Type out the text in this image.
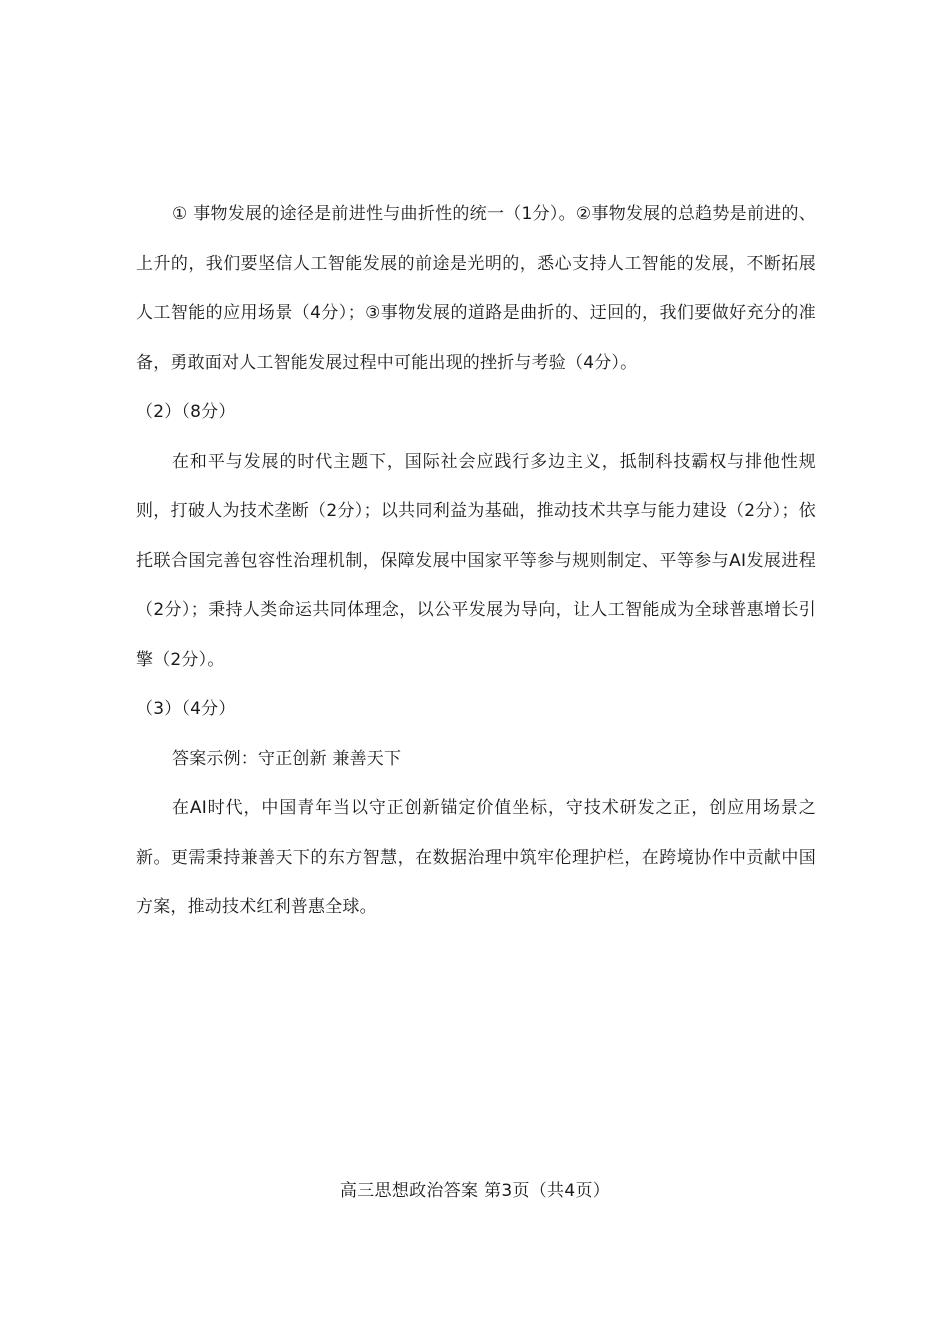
① 事物发展的途径是前进性与曲折性的统一（1分）。②事物发展的总趋势是前进的、上升的，我们要坚信人工智能发展的前途是光明的，悉心支持人工智能的发展，不断拓展人工智能的应用场景（4分）；③事物发展的道路是曲折的、迂回的，我们要做好充分的准备，勇敢面对人工智能发展过程中可能出现的挫折与考验（4分）。

（2）（8分）

在和平与发展的时代主题下，国际社会应践行多边主义，抵制科技霸权与排他性规则，打破人为技术垄断（2分）；以共同利益为基础，推动技术共享与能力建设（2分）；依托联合国完善包容性治理机制，保障发展中国家平等参与规则制定、平等参与AI发展进程（2分）；秉持人类命运共同体理念，以公平发展为导向，让人工智能成为全球普惠增长引擎（2分）。

（3）（4分）

答案示例：守正创新 兼善天下

在AI时代，中国青年当以守正创新锚定价值坐标，守技术研发之正，创应用场景之新。更需秉持兼善天下的东方智慧，在数据治理中筑牢伦理护栏，在跨境协作中贡献中国方案，推动技术红利普惠全球。

高三思想政治答案 第3页（共4页）
